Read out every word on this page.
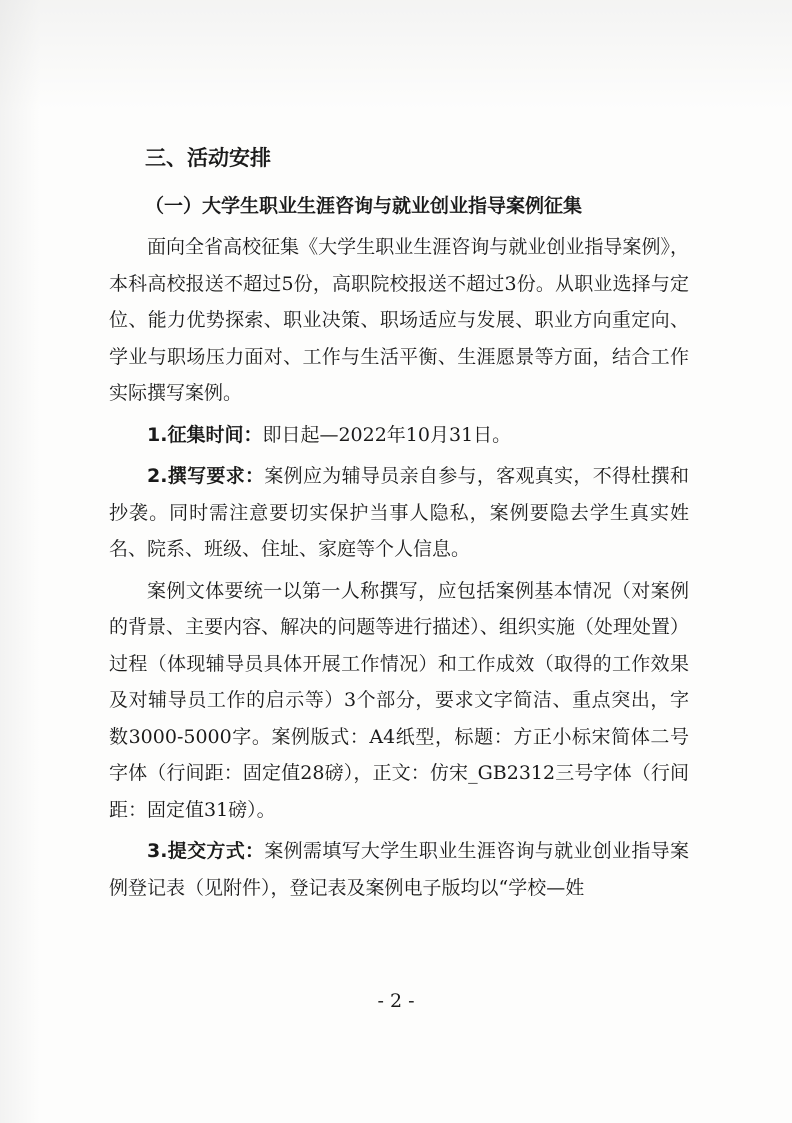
三、活动安排
（一）大学生职业生涯咨询与就业创业指导案例征集

面向全省高校征集《大学生职业生涯咨询与就业创业指导案例》，本科高校报送不超过5份，高职院校报送不超过3份。从职业选择与定位、能力优势探索、职业决策、职场适应与发展、职业方向重定向、学业与职场压力面对、工作与生活平衡、生涯愿景等方面，结合工作实际撰写案例。

1.征集时间：即日起—2022年10月31日。

2.撰写要求：案例应为辅导员亲自参与，客观真实，不得杜撰和抄袭。同时需注意要切实保护当事人隐私，案例要隐去学生真实姓名、院系、班级、住址、家庭等个人信息。

案例文体要统一以第一人称撰写，应包括案例基本情况（对案例的背景、主要内容、解决的问题等进行描述）、组织实施（处理处置）过程（体现辅导员具体开展工作情况）和工作成效（取得的工作效果及对辅导员工作的启示等）3个部分，要求文字简洁、重点突出，字数3000-5000字。案例版式：A4纸型，标题：方正小标宋简体二号字体（行间距：固定值28磅），正文：仿宋_GB2312三号字体（行间距：固定值31磅）。

3.提交方式：案例需填写大学生职业生涯咨询与就业创业指导案例登记表（见附件），登记表及案例电子版均以“学校—姓

- 2 -
